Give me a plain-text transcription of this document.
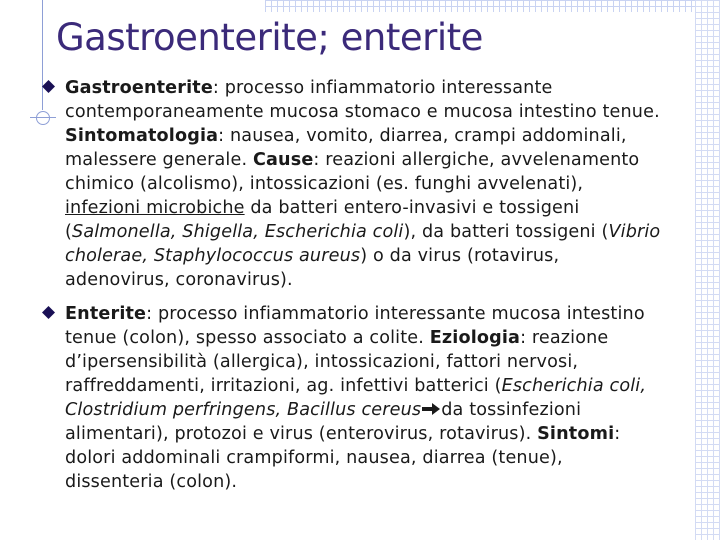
Gastroenterite; enterite
Gastroenterite: processo infiammatorio interessante
contemporaneamente mucosa stomaco e mucosa intestino tenue.
Sintomatologia: nausea, vomito, diarrea, crampi addominali,
malessere generale. Cause: reazioni allergiche, avvelenamento
chimico (alcolismo), intossicazioni (es. funghi avvelenati),
infezioni microbiche da batteri entero-invasivi e tossigeni
(Salmonella, Shigella, Escherichia coli), da batteri tossigeni (Vibrio
cholerae, Staphylococcus aureus) o da virus (rotavirus,
adenovirus, coronavirus).
Enterite: processo infiammatorio interessante mucosa intestino
tenue (colon), spesso associato a colite. Eziologia: reazione
d’ipersensibilità (allergica), intossicazioni, fattori nervosi,
raffreddamenti, irritazioni, ag. infettivi batterici (Escherichia coli,
Clostridium perfringens, Bacillus cereus da tossinfezioni
alimentari), protozoi e virus (enterovirus, rotavirus). Sintomi:
dolori addominali crampiformi, nausea, diarrea (tenue),
dissenteria (colon).
